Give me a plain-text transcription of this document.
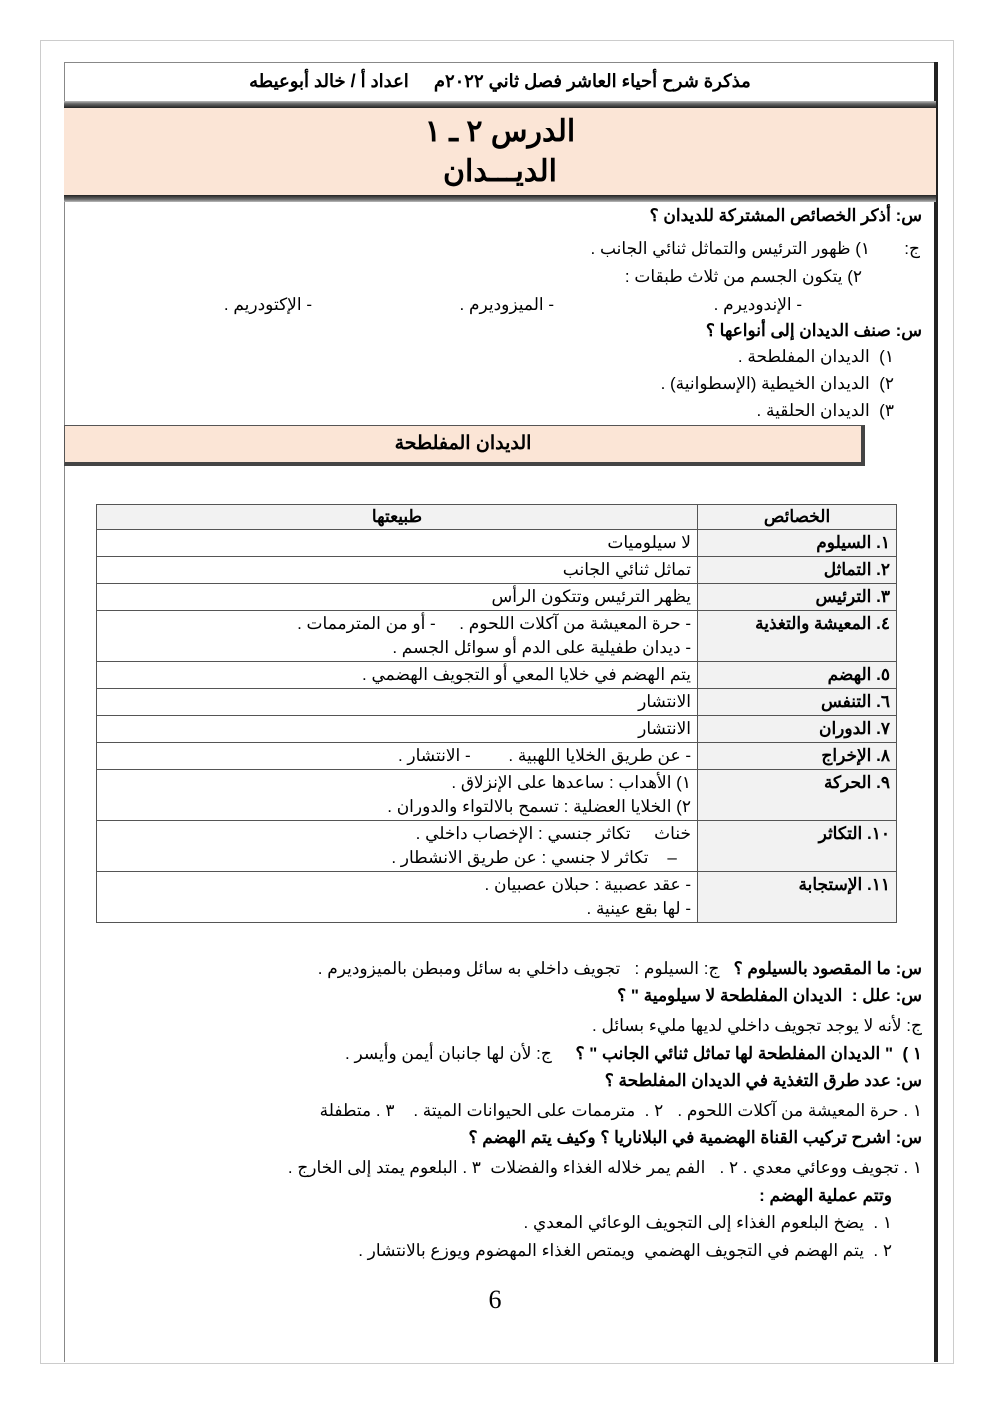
مذكرة شرح أحياء العاشر فصل ثاني ٢٠٢٢م     اعداد أ / خالد أبوعيطه
الدرس ٢ ـ ١
الديـــدان
س: أذكر الخصائص المشتركة للديدان ؟
ج:
١) ظهور الترئيس والتماثل ثنائي الجانب .
٢) يتكون الجسم من ثلاث طبقات :
- الإندوديرم .
- الميزوديرم .
- الإكتودريم .
س: صنف الديدان إلى أنواعها ؟
١)  الديدان المفلطحة .
٢)  الديدان الخيطية (الإسطوانية) .
٣)  الديدان الحلقية .
الديدان المفلطحة
الخصائص	طبيعتها
١. السيلوم	لا سيلوميات

٢. التماثل	تماثل ثنائي الجانب

٣. الترئيس	يظهر الترئيس وتتكون الرأس

٤. المعيشة والتغذية	- حرة المعيشة من آكلات اللحوم .     - أو من المترممات .
- ديدان طفيلية على الدم أو سوائل الجسم .

٥. الهضم	يتم الهضم في خلايا المعي أو التجويف الهضمي .

٦. التنفس	الانتشار

٧. الدوران	الانتشار

٨. الإخراج	- عن طريق الخلايا اللهبية .        - الانتشار .

٩. الحركة	١) الأهداب : ساعدها على الإنزلاق .
٢) الخلايا العضلية : تسمح بالالتواء والدوران .

١٠. التكاثر	خناث     تكاثر جنسي : الإخصاب داخلي .
–    تكاثر لا جنسي : عن طريق الانشطار .

١١. الإستجابة	- عقد عصبية : حبلان عصبيان .
- لها بقع عينية .
س: ما المقصود بالسيلوم ؟   ج: السيلوم :   تجويف داخلي به سائل ومبطن بالميزوديرم .
س: علل :  الديدان المفلطحة لا سيلومية " ؟
ج: لأنه لا يوجد تجويف داخلي لديها مليء بسائل .
١ )  " الديدان المفلطحة لها تماثل ثنائي الجانب " ؟     ج: لأن لها جانبان أيمن وأيسر .
س: عدد طرق التغذية في الديدان المفلطحة ؟
١ . حرة المعيشة من آكلات اللحوم .   ٢ .  مترممات على الحيوانات الميتة .    ٣ . متطفلة
س: اشرح تركيب القناة الهضمية في البلاناريا ؟ وكيف يتم الهضم ؟
١ . تجويف ووعائي معدي . ٢ .   الفم يمر خلاله الغذاء والفضلات  ٣ . البلعوم يمتد إلى الخارج .
وتتم عملية الهضم :
١ .  يضخ البلعوم الغذاء إلى التجويف الوعائي المعدي .
٢ .  يتم الهضم في التجويف الهضمي  ويمتص الغذاء المهضوم ويوزع بالانتشار .
6
